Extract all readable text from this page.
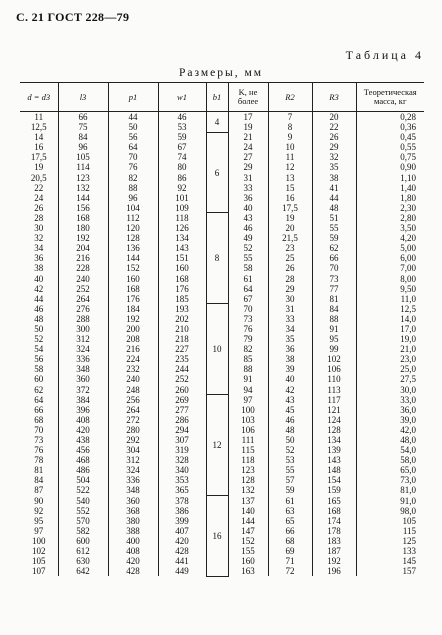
С. 21 ГОСТ 228—79
Таблица 4
Размеры, мм
d = d3	l3	p1	w1	b1	K, не более	R2	R3	Теоретическая масса, кг
11	66	44	46	4	17	7	20	0,28
12,5	75	50	53		19	8	22	0,36
14	84	56	59	6	21	9	26	0,45
16	96	64	67		24	10	29	0,55
17,5	105	70	74		27	11	32	0,75
19	114	76	80		29	12	35	0,90
20,5	123	82	86		31	13	38	1,10
22	132	88	92		33	15	41	1,40
24	144	96	101		36	16	44	1,80
26	156	104	109		40	17,5	48	2,30
28	168	112	118	8	43	19	51	2,80
30	180	120	126		46	20	55	3,50
32	192	128	134		49	21,5	59	4,20
34	204	136	143		52	23	62	5,00
36	216	144	151		55	25	66	6,00
38	228	152	160		58	26	70	7,00
40	240	160	168		61	28	73	8,00
42	252	168	176		64	29	77	9,50
44	264	176	185		67	30	81	11,0
46	276	184	193	10	70	31	84	12,5
48	288	192	202		73	33	88	14,0
50	300	200	210		76	34	91	17,0
52	312	208	218		79	35	95	19,0
54	324	216	227		82	36	99	21,0
56	336	224	235		85	38	102	23,0
58	348	232	244		88	39	106	25,0
60	360	240	252		91	40	110	27,5
62	372	248	260		94	42	113	30,0
64	384	256	269	12	97	43	117	33,0
66	396	264	277		100	45	121	36,0
68	408	272	286		103	46	124	39,0
70	420	280	294		106	48	128	42,0
73	438	292	307		111	50	134	48,0
76	456	304	319		115	52	139	54,0
78	468	312	328		118	53	143	58,0
81	486	324	340		123	55	148	65,0
84	504	336	353		128	57	154	73,0
87	522	348	365		132	59	159	81,0
90	540	360	378	16	137	61	165	91,0
92	552	368	386		140	63	168	98,0
95	570	380	399		144	65	174	105
97	582	388	407		147	66	178	115
100	600	400	420		152	68	183	125
102	612	408	428		155	69	187	133
105	630	420	441		160	71	192	145
107	642	428	449		163	72	196	157
